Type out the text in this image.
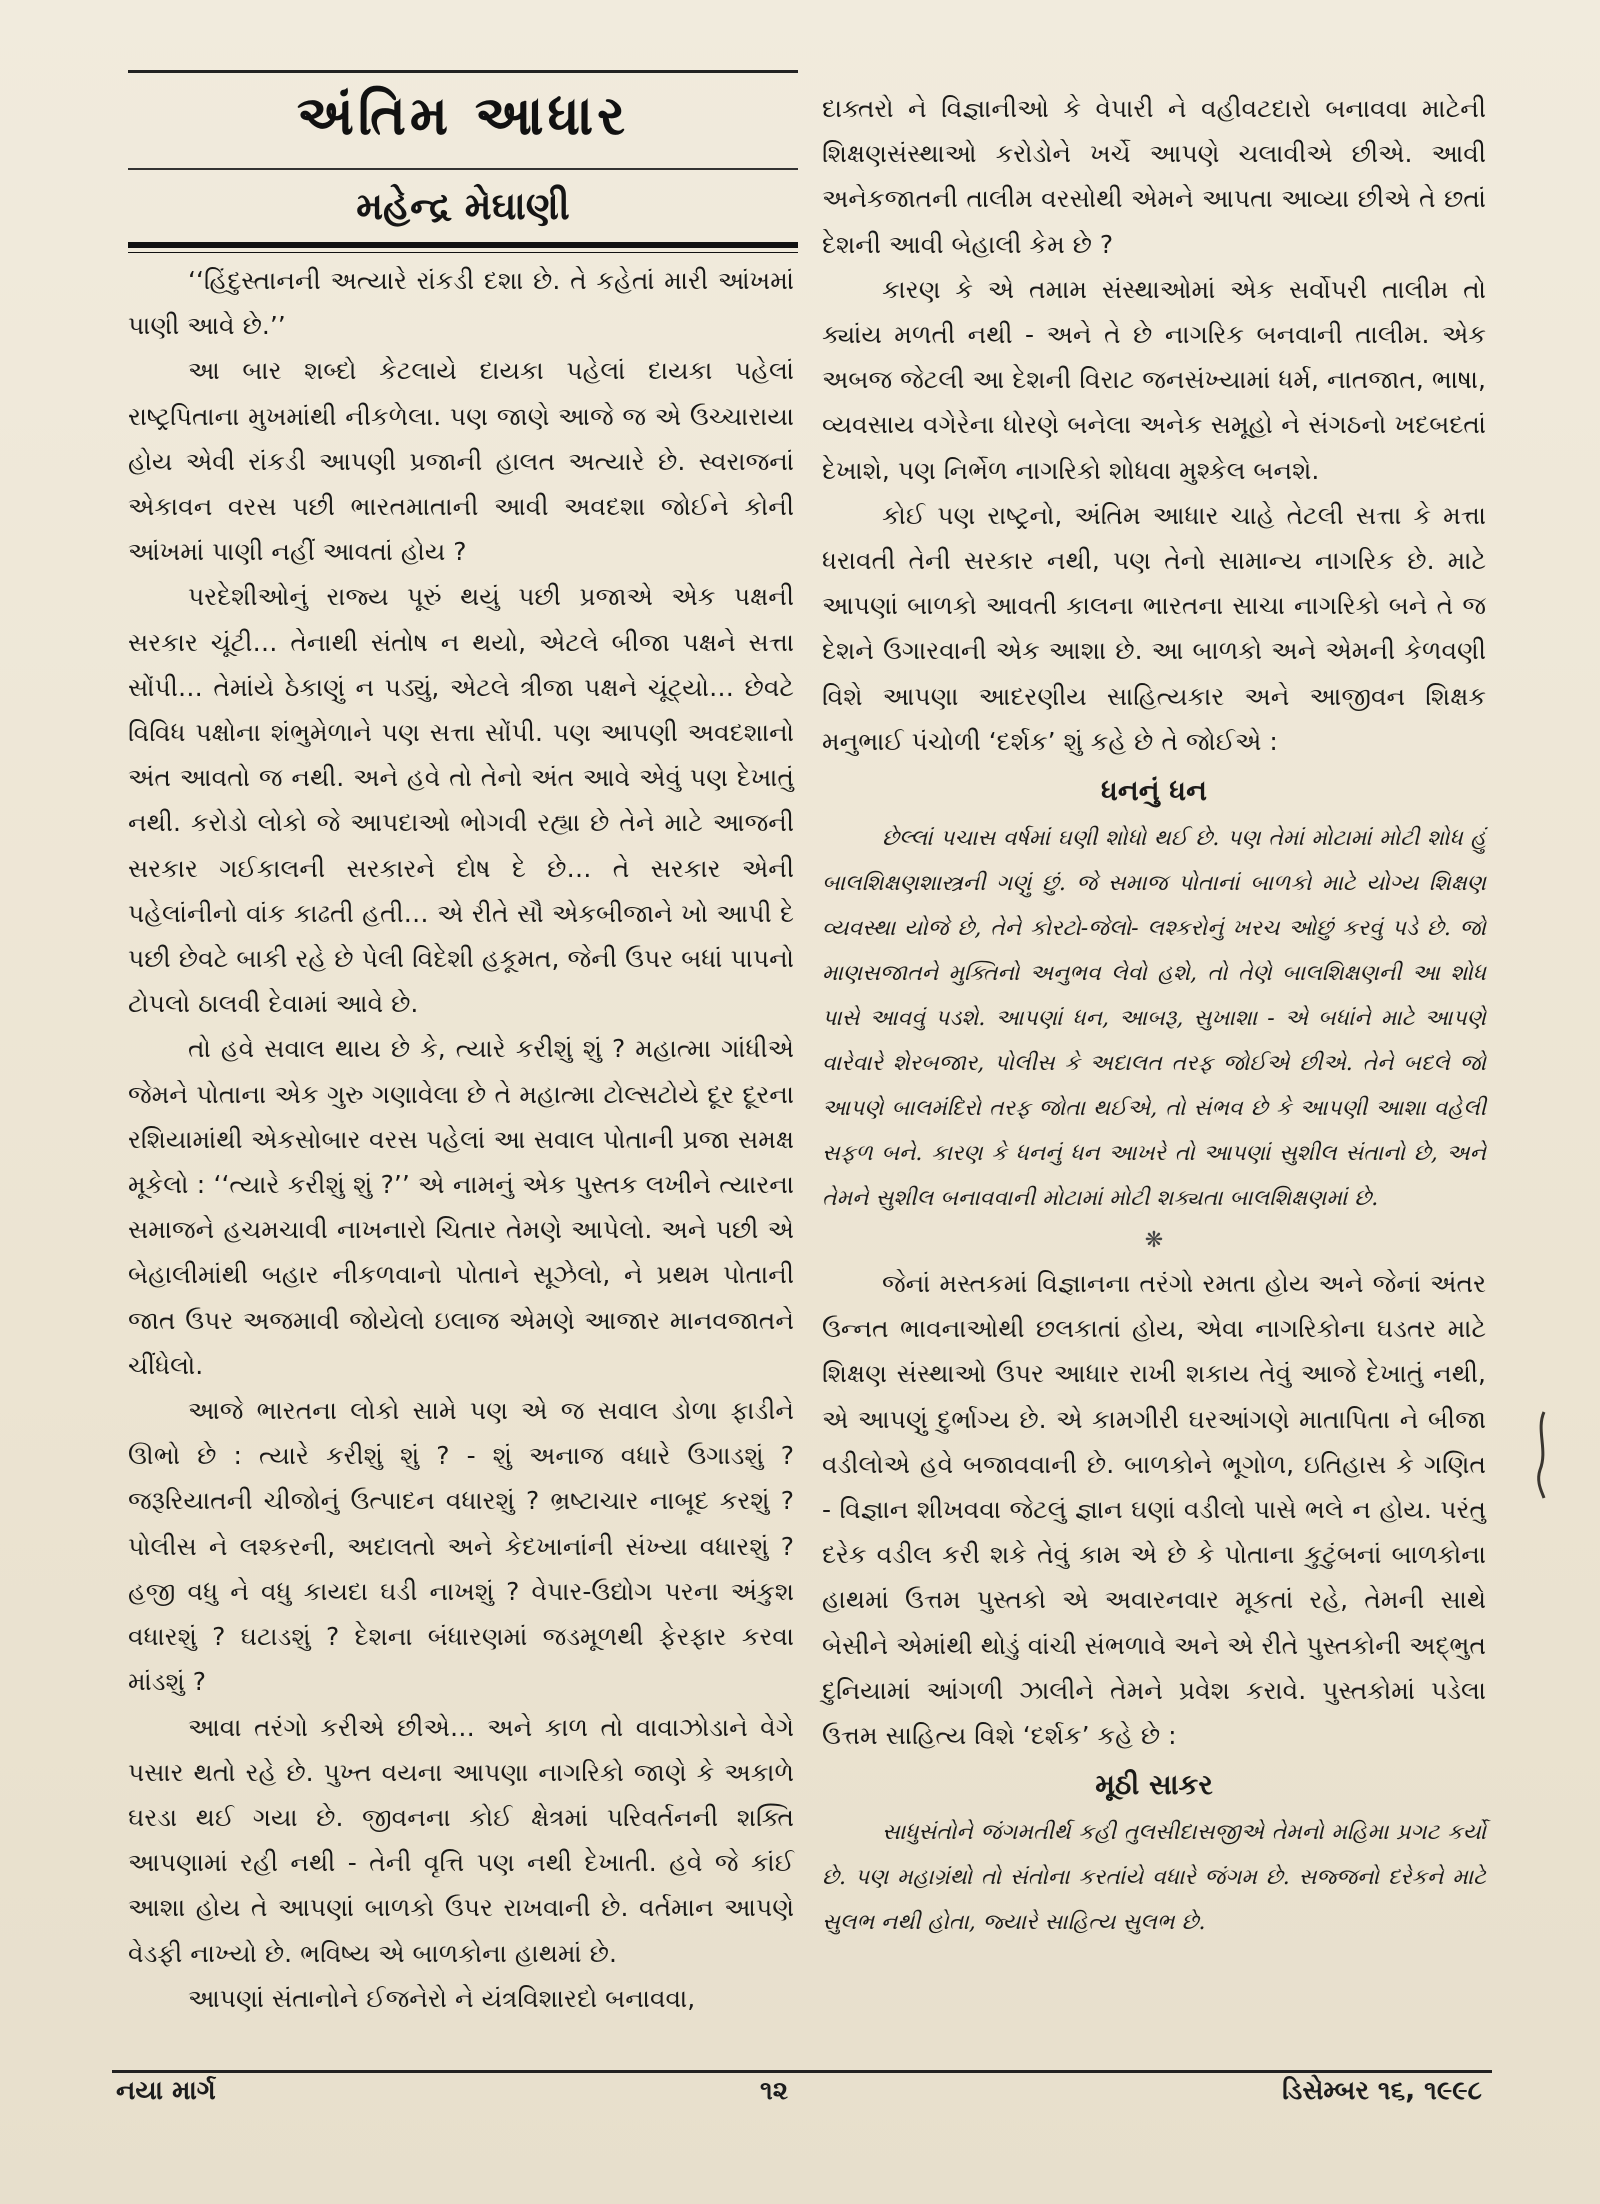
અંતિમ આધાર
મહેન્દ્ર મેઘાણી

‘‘હિંદુસ્તાનની અત્યારે રાંકડી દશા છે. તે કહેતાં મારી આંખમાં પાણી આવે છે.’’

આ બાર શબ્દો કેટલાયે દાયકા પહેલાં દાયકા પહેલાં રાષ્ટ્રપિતાના મુખમાંથી નીકળેલા. પણ જાણે આજે જ એ ઉચ્ચારાયા હોય એવી રાંકડી આપણી પ્રજાની હાલત અત્યારે છે. સ્વરાજનાં એકાવન વરસ પછી ભારતમાતાની આવી અવદશા જોઈને કોની આંખમાં પાણી નહીં આવતાં હોય ?

પરદેશીઓનું રાજ્ય પૂરું થયું પછી પ્રજાએ એક પક્ષની સરકાર ચૂંટી… તેનાથી સંતોષ ન થયો, એટલે બીજા પક્ષને સત્તા સોંપી… તેમાંયે ઠેકાણું ન પડ્યું, એટલે ત્રીજા પક્ષને ચૂંટ્યો… છેવટે વિવિધ પક્ષોના શંભુમેળાને પણ સત્તા સોંપી. પણ આપણી અવદશાનો અંત આવતો જ નથી. અને હવે તો તેનો અંત આવે એવું પણ દેખાતું નથી. કરોડો લોકો જે આપદાઓ ભોગવી રહ્યા છે તેને માટે આજની સરકાર ગઈકાલની સરકારને દોષ દે છે… તે સરકાર એની પહેલાંનીનો વાંક કાઢતી હતી… એ રીતે સૌ એકબીજાને ખો આપી દે પછી છેવટે બાકી રહે છે પેલી વિદેશી હકૂમત, જેની ઉપર બધાં પાપનો ટોપલો ઠાલવી દેવામાં આવે છે.

તો હવે સવાલ થાય છે કે, ત્યારે કરીશું શું ? મહાત્મા ગાંધીએ જેમને પોતાના એક ગુરુ ગણાવેલા છે તે મહાત્મા ટોલ્સટોયે દૂર દૂરના રશિયામાંથી એકસોબાર વરસ પહેલાં આ સવાલ પોતાની પ્રજા સમક્ષ મૂકેલો : ‘‘ત્યારે કરીશું શું ?’’ એ નામનું એક પુસ્તક લખીને ત્યારના સમાજને હચમચાવી નાખનારો ચિતાર તેમણે આપેલો. અને પછી એ બેહાલીમાંથી બહાર નીકળવાનો પોતાને સૂઝેલો, ને પ્રથમ પોતાની જાત ઉપર અજમાવી જોયેલો ઇલાજ એમણે આજાર માનવજાતને ચીંધેલો.

આજે ભારતના લોકો સામે પણ એ જ સવાલ ડોળા ફાડીને ઊભો છે : ત્યારે કરીશું શું ? - શું અનાજ વધારે ઉગાડશું ? જરૂરિયાતની ચીજોનું ઉત્પાદન વધારશું ? ભ્રષ્ટાચાર નાબૂદ કરશું ? પોલીસ ને લશ્કરની, અદાલતો અને કેદખાનાંની સંખ્યા વધારશું ? હજી વધુ ને વધુ કાયદા ઘડી નાખશું ? વેપાર-ઉદ્યોગ પરના અંકુશ વધારશું ? ઘટાડશું ? દેશના બંધારણમાં જડમૂળથી ફેરફાર કરવા માંડશું ?

આવા તરંગો કરીએ છીએ… અને કાળ તો વાવાઝોડાને વેગે પસાર થતો રહે છે. પુખ્ત વયના આપણા નાગરિકો જાણે કે અકાળે ઘરડા થઈ ગયા છે. જીવનના કોઈ ક્ષેત્રમાં પરિવર્તનની શક્તિ આપણામાં રહી નથી - તેની વૃત્તિ પણ નથી દેખાતી. હવે જે કાંઈ આશા હોય તે આપણાં બાળકો ઉપર રાખવાની છે. વર્તમાન આપણે વેડફી નાખ્યો છે. ભવિષ્ય એ બાળકોના હાથમાં છે.

આપણાં સંતાનોને ઈજનેરો ને યંત્રવિશારદો બનાવવા,

દાક્તરો ને વિજ્ઞાનીઓ કે વેપારી ને વહીવટદારો બનાવવા માટેની શિક્ષણસંસ્થાઓ કરોડોને ખર્ચે આપણે ચલાવીએ છીએ. આવી અનેકજાતની તાલીમ વરસોથી એમને આપતા આવ્યા છીએ તે છતાં દેશની આવી બેહાલી કેમ છે ?

કારણ કે એ તમામ સંસ્થાઓમાં એક સર્વોપરી તાલીમ તો ક્યાંય મળતી નથી - અને તે છે નાગરિક બનવાની તાલીમ. એક અબજ જેટલી આ દેશની વિરાટ જનસંખ્યામાં ધર્મ, નાતજાત, ભાષા, વ્યવસાય વગેરેના ધોરણે બનેલા અનેક સમૂહો ને સંગઠનો ખદબદતાં દેખાશે, પણ નિર્ભેળ નાગરિકો શોધવા મુશ્કેલ બનશે.

કોઈ પણ રાષ્ટ્રનો, અંતિમ આધાર ચાહે તેટલી સત્તા કે મત્તા ધરાવતી તેની સરકાર નથી, પણ તેનો સામાન્ય નાગરિક છે. માટે આપણાં બાળકો આવતી કાલના ભારતના સાચા નાગરિકો બને તે જ દેશને ઉગારવાની એક આશા છે. આ બાળકો અને એમની કેળવણી વિશે આપણા આદરણીય સાહિત્યકાર અને આજીવન શિક્ષક મનુભાઈ પંચોળી ‘દર્શક’ શું કહે છે તે જોઈએ :

ધનનું ધન

છેલ્લાં પચાસ વર્ષમાં ઘણી શોધો થઈ છે. પણ તેમાં મોટામાં મોટી શોધ હું બાલશિક્ષણશાસ્ત્રની ગણું છું. જે સમાજ પોતાનાં બાળકો માટે યોગ્ય શિક્ષણ વ્યવસ્થા યોજે છે, તેને કોરટો-જેલો- લશ્કરોનું ખરચ ઓછું કરવું પડે છે. જો માણસજાતને મુક્તિનો અનુભવ લેવો હશે, તો તેણે બાલશિક્ષણની આ શોધ પાસે આવવું પડશે. આપણાં ધન, આબરૂ, સુખાશા - એ બધાંને માટે આપણે વારેવારે શેરબજાર, પોલીસ કે અદાલત તરફ જોઈએ છીએ. તેને બદલે જો આપણે બાલમંદિરો તરફ જોતા થઈએ, તો સંભવ છે કે આપણી આશા વહેલી સફળ બને. કારણ કે ધનનું ધન આખરે તો આપણાં સુશીલ સંતાનો છે, અને તેમને સુશીલ બનાવવાની મોટામાં મોટી શક્યતા બાલશિક્ષણમાં છે.

❋

જેનાં મસ્તકમાં વિજ્ઞાનના તરંગો રમતા હોય અને જેનાં અંતર ઉન્નત ભાવનાઓથી છલકાતાં હોય, એવા નાગરિકોના ઘડતર માટે શિક્ષણ સંસ્થાઓ ઉપર આધાર રાખી શકાય તેવું આજે દેખાતું નથી, એ આપણું દુર્ભાગ્ય છે. એ કામગીરી ઘરઆંગણે માતાપિતા ને બીજા વડીલોએ હવે બજાવવાની છે. બાળકોને ભૂગોળ, ઇતિહાસ કે ગણિત - વિજ્ઞાન શીખવવા જેટલું જ્ઞાન ઘણાં વડીલો પાસે ભલે ન હોય. પરંતુ દરેક વડીલ કરી શકે તેવું કામ એ છે કે પોતાના કુટુંબનાં બાળકોના હાથમાં ઉત્તમ પુસ્તકો એ અવારનવાર મૂકતાં રહે, તેમની સાથે બેસીને એમાંથી થોડું વાંચી સંભળાવે અને એ રીતે પુસ્તકોની અદ્‌ભુત દુનિયામાં આંગળી ઝાલીને તેમને પ્રવેશ કરાવે. પુસ્તકોમાં પડેલા ઉત્તમ સાહિત્ય વિશે ‘દર્શક’ કહે છે :

મૂઠી સાકર

સાધુસંતોને જંગમતીર્થ કહી તુલસીદાસજીએ તેમનો મહિમા પ્રગટ કર્યો છે. પણ મહાગ્રંથો તો સંતોના કરતાંયે વધારે જંગમ છે. સજ્જનો દરેકને માટે સુલભ નથી હોતા, જ્યારે સાહિત્ય સુલભ છે.

નયા માર્ગ	૧૨	ડિસેમ્બર ૧૬, ૧૯૯૮
